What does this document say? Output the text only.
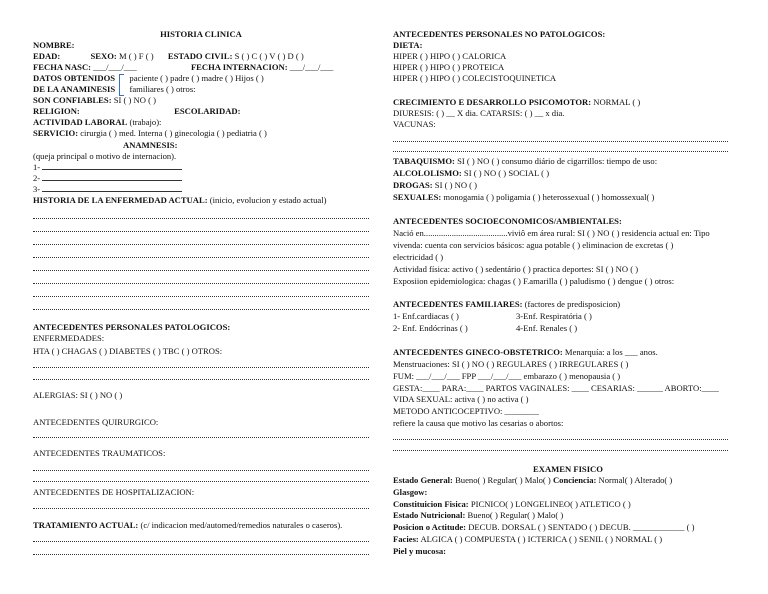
HISTORIA CLINICA
NOMBRE:
EDAD:	SEXO: M ( ) F ( ) ESTADO CIVIL: S ( ) C ( ) V ( ) D ( )
FECHA NASC: ___/___/___	FECHA INTERNACION: ___/___/___
DATOS OBTENIDOS paciente ( ) padre ( ) madre ( ) Hijos ( )
DE LA ANAMINESIS familiares ( ) otros:
SON CONFIABLES: SI ( ) NO ( )
RELIGION:	ESCOLARIDAD:
ACTIVIDAD LABORAL (trabajo):
SERVICIO: cirurgia ( ) med. Interna ( ) ginecologia ( ) pediatria ( )
ANAMNESIS:
(queja principal o motivo de internacion).
1-
2-
3-
HISTORIA DE LA ENFERMEDAD ACTUAL: (inicio, evolucion y estado actual)
ANTECEDENTES PERSONALES PATOLOGICOS:
ENFERMEDADES:
HTA ( ) CHAGAS ( ) DIABETES ( ) TBC ( ) OTROS:
ALERGIAS: SI ( ) NO ( )
ANTECEDENTES QUIRURGICO:
ANTECEDENTES TRAUMATICOS:
ANTECEDENTES DE HOSPITALIZACION:
TRATAMIENTO ACTUAL: (c/ indicacion med/automed/remedios naturales o caseros).
ANTECEDENTES PERSONALES NO PATOLOGICOS:
DIETA:
HIPER ( ) HIPO ( ) CALORICA
HIPER ( ) HIPO ( ) PROTEICA
HIPER ( ) HIPO ( ) COLECISTOQUINETICA
CRECIMIENTO E DESARROLLO PSICOMOTOR: NORMAL ( )
DIURESIS: ( ) __ X dia. CATARSIS: ( ) __ x dia.
VACUNAS:
TABAQUISMO: SI ( ) NO ( ) consumo diário de cigarrillos: tiempo de uso:
ALCOLOLISMO: SI ( ) NO ( ) SOCIAL ( )
DROGAS: SI ( ) NO ( )
SEXUALES: monogamia ( ) poligamia ( ) heterossexual ( ) homossexual( )
ANTECEDENTES SOCIOECONOMICOS/AMBIENTALES:
Nació en.......................................viviô em área rural: SI ( ) NO ( ) residencia actual en: Tipo
vivenda: cuenta con servicios básicos: agua potable ( ) eliminacion de excretas ( )
electricidad ( )
Actividad física: activo ( ) sedentário ( ) practica deportes: SI ( ) NO ( )
Exposiion epidemiologica: chagas ( ) F.amarilla ( ) paludismo ( ) dengue ( ) otros:
ANTECEDENTES FAMILIARES: (factores de predisposicion)
1- Enf.cardiacas ( )	3-Enf. Respiratória ( )
2- Enf. Endócrinas ( )	4-Enf. Renales ( )
ANTECEDENTES GINECO-OBSTETRICO: Menarquía: a los ___ anos.
Menstruaciones: SI ( ) NO ( ) REGULARES ( ) IRREGULARES ( )
FUM: ___/___/___ FPP ___/___/___ embarazo ( ) menopausia ( )
GESTA:____ PARA:____ PARTOS VAGINALES: ____ CESARIAS: ______ ABORTO:____
VIDA SEXUAL: activa ( ) no activa ( )
METODO ANTICOCEPTIVO: ________
refiere la causa que motivo las cesarias o abortos:
EXAMEN FISICO
Estado General: Bueno( ) Regular( ) Malo( ) Conciencia: Normal( ) Alterado( )
Glasgow:
Constituicion Fisica: PICNICO( ) LONGELINEO( ) ATLETICO ( )
Estado Nutricional: Bueno( ) Regular( ) Malo( )
Posicion o Actitude: DECUB. DORSAL ( ) SENTADO ( ) DECUB. ____________ ( )
Facies: ALGICA ( ) COMPUESTA ( ) ICTERICA ( ) SENIL ( ) NORMAL ( )
Piel y mucosa:
